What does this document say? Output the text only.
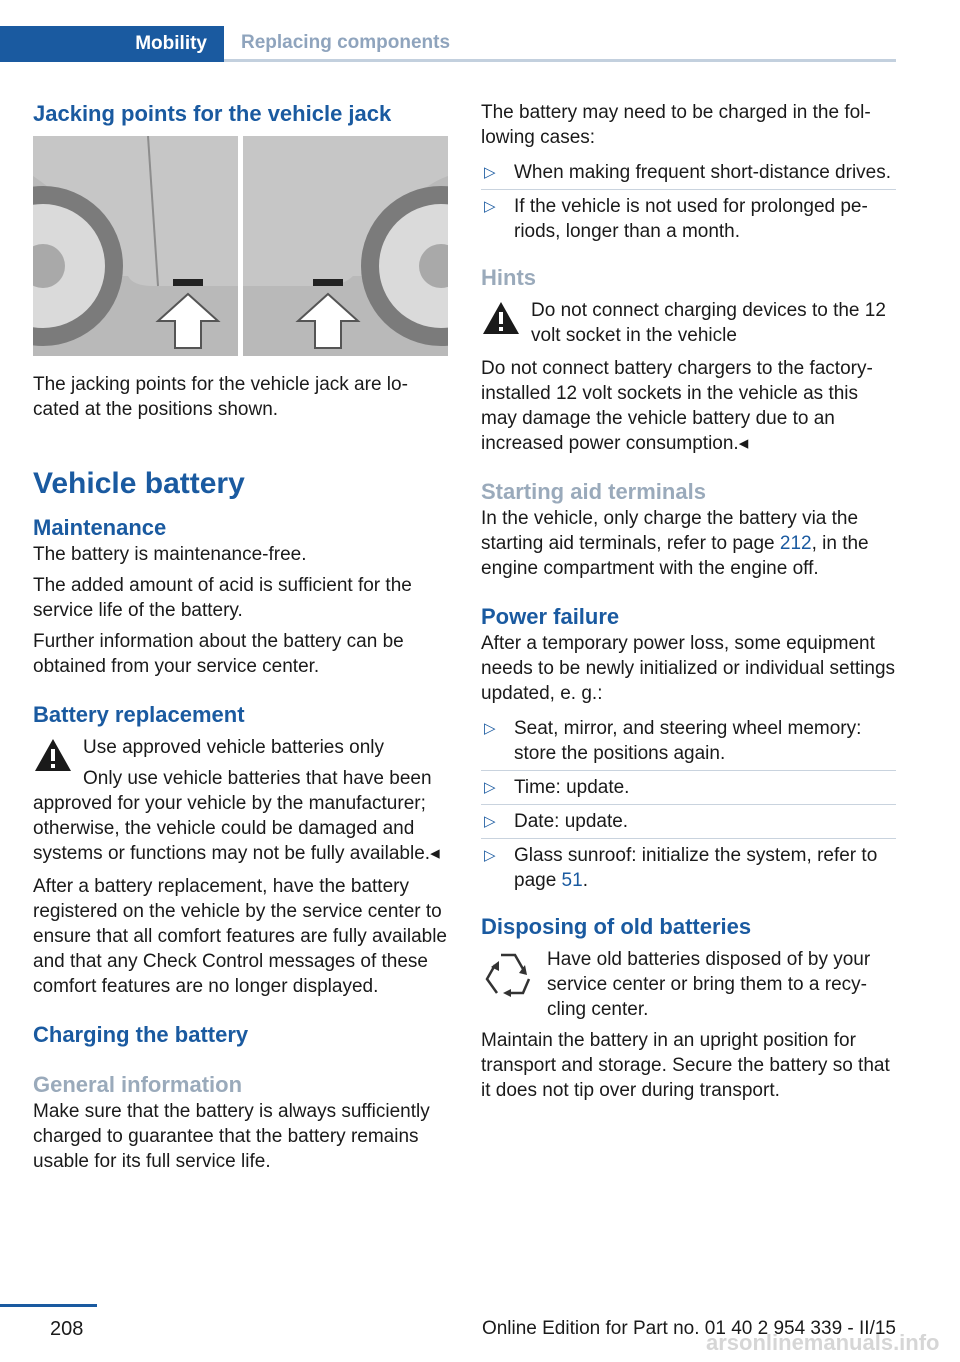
Mobility	Replacing components

Jacking points for the vehicle jack

The jacking points for the vehicle jack are located at the positions shown.

Vehicle battery

Maintenance

The battery is maintenance-free.

The added amount of acid is sufficient for the service life of the battery.

Further information about the battery can be obtained from your service center.

Battery replacement

Use approved vehicle batteries only

Only use vehicle batteries that have been approved for your vehicle by the manufacturer; otherwise, the vehicle could be damaged and systems or functions may not be fully available.◂

After a battery replacement, have the battery registered on the vehicle by the service center to ensure that all comfort features are fully available and that any Check Control messages of these comfort features are no longer displayed.

Charging the battery

General information

Make sure that the battery is always sufficiently charged to guarantee that the battery remains usable for its full service life.

The battery may need to be charged in the following cases:

▷ When making frequent short-distance drives.
▷ If the vehicle is not used for prolonged periods, longer than a month.

Hints

Do not connect charging devices to the 12 volt socket in the vehicle

Do not connect battery chargers to the factory-installed 12 volt sockets in the vehicle as this may damage the vehicle battery due to an increased power consumption.◂

Starting aid terminals

In the vehicle, only charge the battery via the starting aid terminals, refer to page 212, in the engine compartment with the engine off.

Power failure

After a temporary power loss, some equipment needs to be newly initialized or individual settings updated, e. g.:

▷ Seat, mirror, and steering wheel memory: store the positions again.
▷ Time: update.
▷ Date: update.
▷ Glass sunroof: initialize the system, refer to page 51.

Disposing of old batteries

Have old batteries disposed of by your service center or bring them to a recycling center.

Maintain the battery in an upright position for transport and storage. Secure the battery so that it does not tip over during transport.

208	Online Edition for Part no. 01 40 2 954 339 - II/15
arsonlinemanuals.info
